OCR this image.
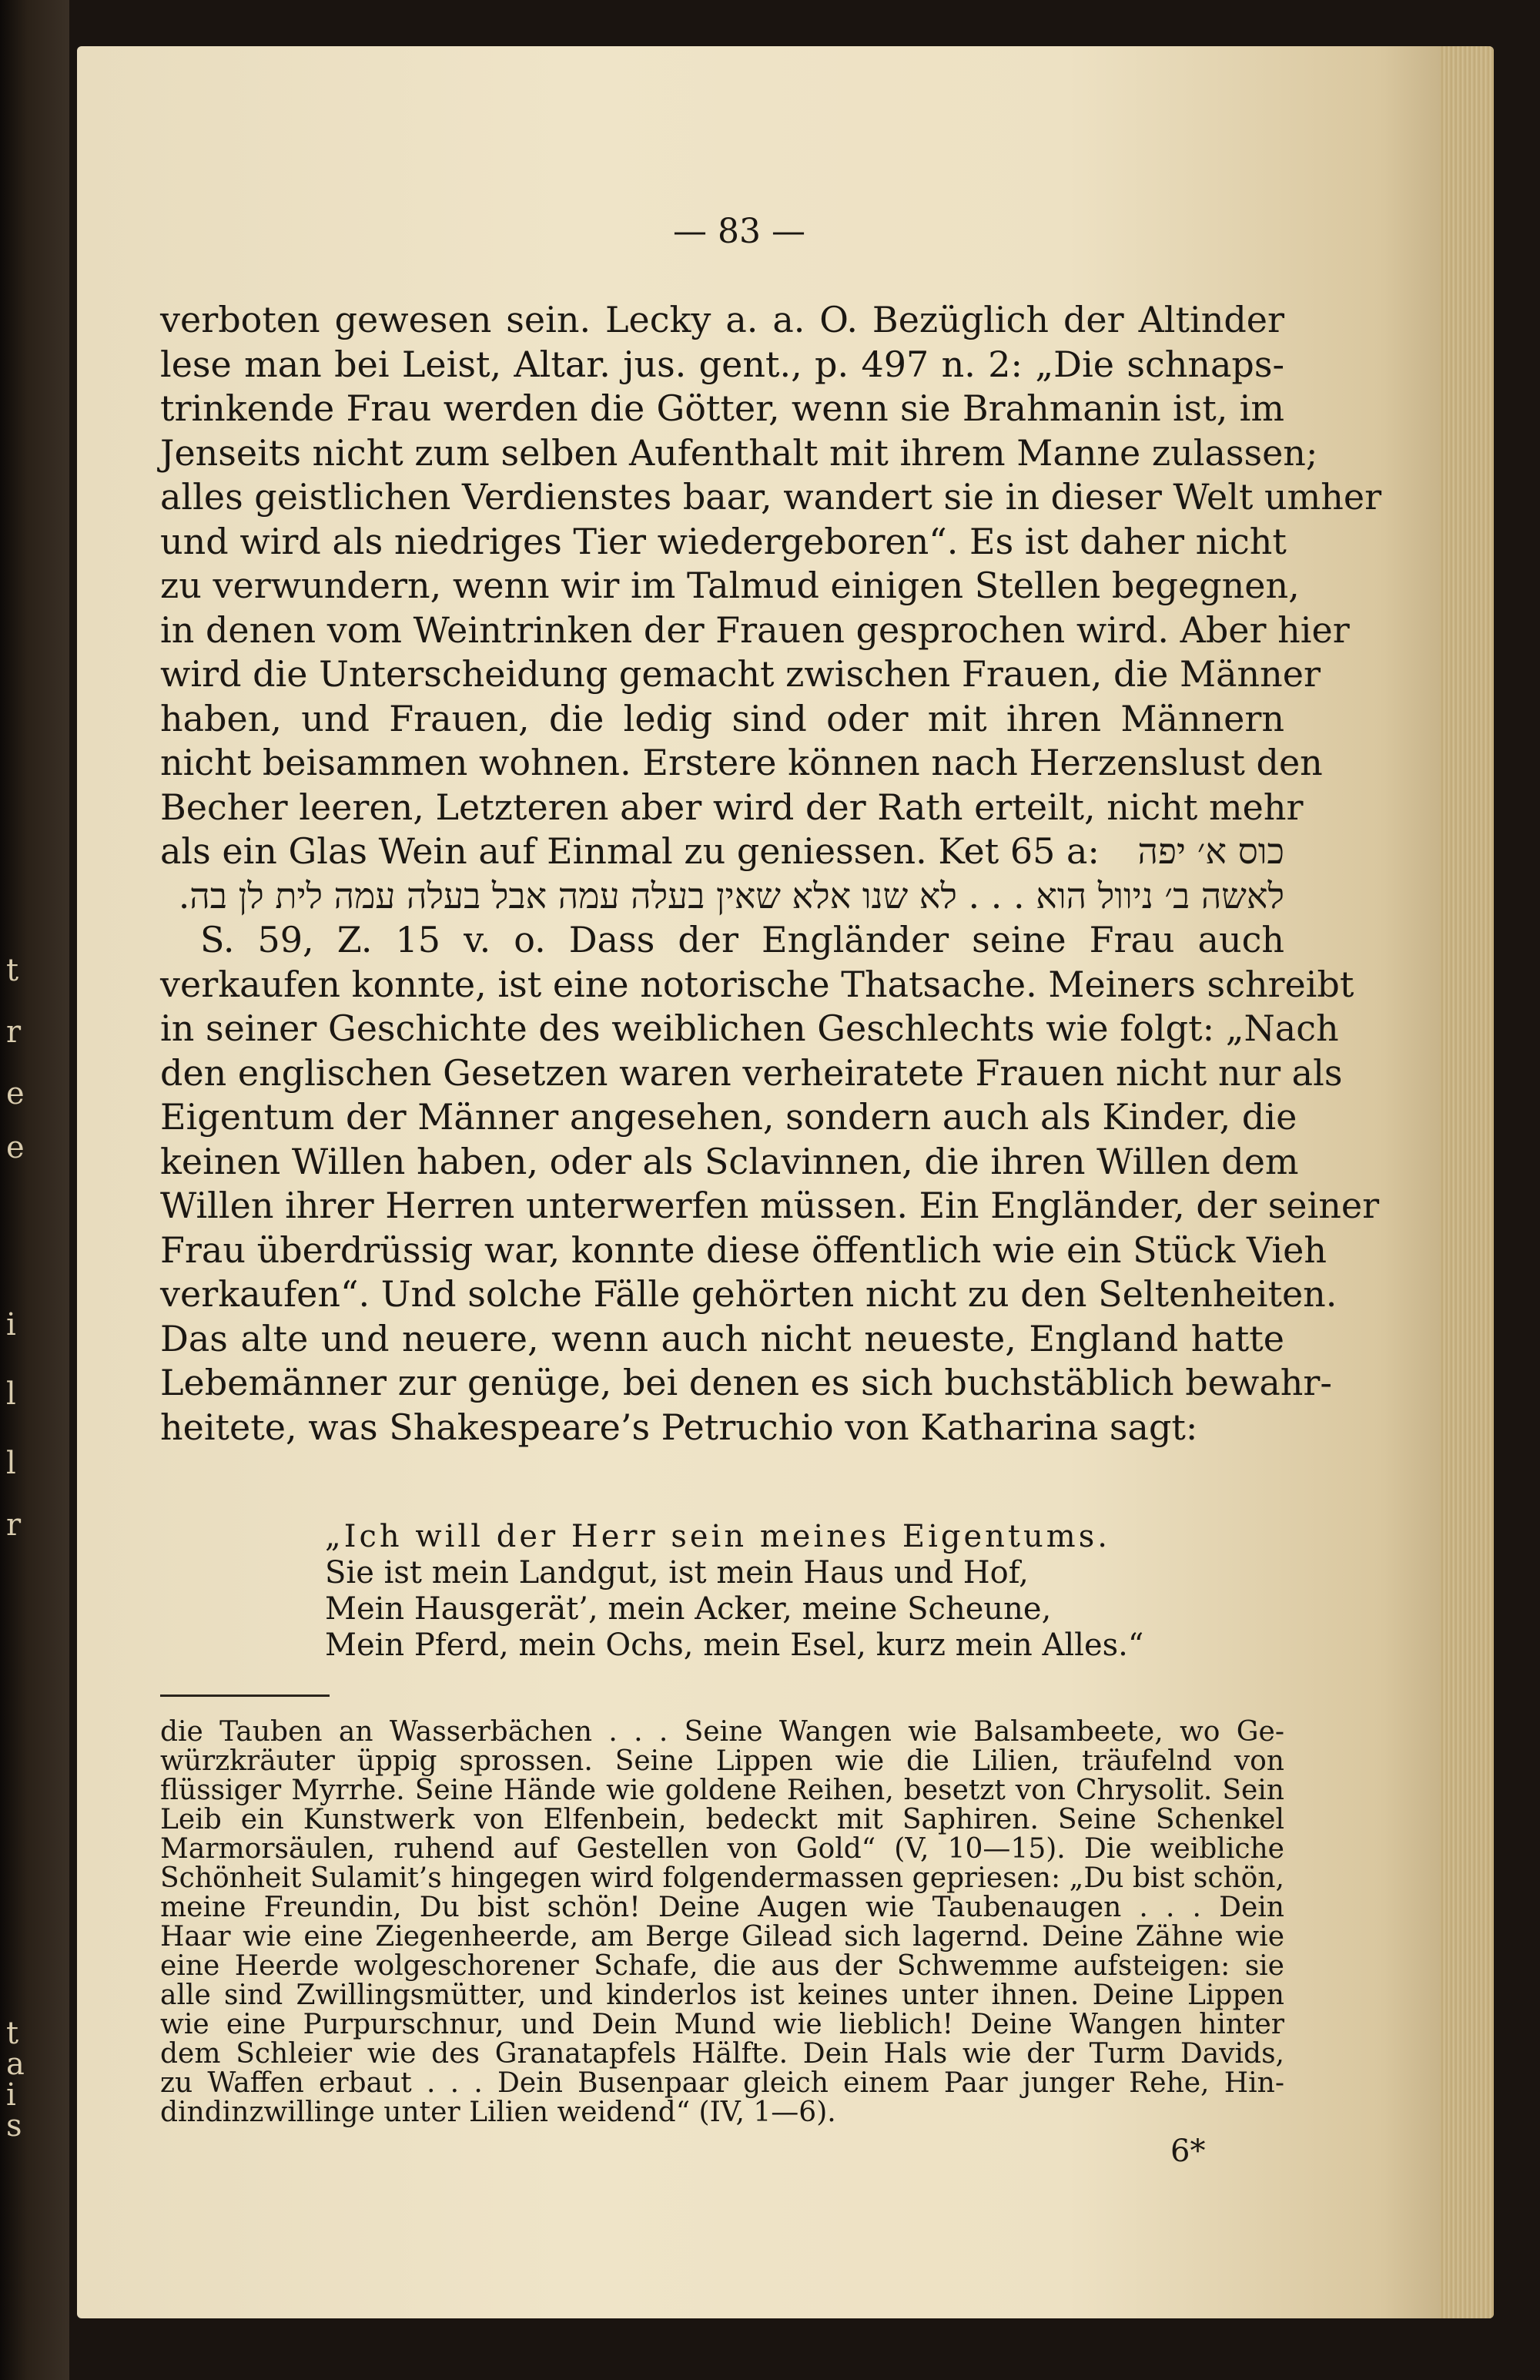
t
r
e
e
i
l
l
r
t
a
i
s
— 83 —
verboten gewesen sein. Lecky a. a. O. Bezüglich der Altinder
lese man bei Leist, Altar. jus. gent., p. 497 n. 2: „Die schnaps-
trinkende Frau werden die Götter, wenn sie Brahmanin ist, im
Jenseits nicht zum selben Aufenthalt mit ihrem Manne zulassen;
alles geistlichen Verdienstes baar, wandert sie in dieser Welt umher
und wird als niedriges Tier wiedergeboren“. Es ist daher nicht
zu verwundern, wenn wir im Talmud einigen Stellen begegnen,
in denen vom Weintrinken der Frauen gesprochen wird. Aber hier
wird die Unterscheidung gemacht zwischen Frauen, die Männer
haben, und Frauen, die ledig sind oder mit ihren Männern
nicht beisammen wohnen. Erstere können nach Herzenslust den
Becher leeren, Letzteren aber wird der Rath erteilt, nicht mehr
als ein Glas Wein auf Einmal zu geniessen. Ket 65 a: כוס א׳ יפה
לאשה ב׳ ניוול הוא . . . לא שנו אלא שאין בעלה עמה אבל בעלה עמה לית לן בה.
S. 59, Z. 15 v. o. Dass der Engländer seine Frau auch
verkaufen konnte, ist eine notorische Thatsache. Meiners schreibt
in seiner Geschichte des weiblichen Geschlechts wie folgt: „Nach
den englischen Gesetzen waren verheiratete Frauen nicht nur als
Eigentum der Männer angesehen, sondern auch als Kinder, die
keinen Willen haben, oder als Sclavinnen, die ihren Willen dem
Willen ihrer Herren unterwerfen müssen. Ein Engländer, der seiner
Frau überdrüssig war, konnte diese öffentlich wie ein Stück Vieh
verkaufen“. Und solche Fälle gehörten nicht zu den Seltenheiten.
Das alte und neuere, wenn auch nicht neueste, England hatte
Lebemänner zur genüge, bei denen es sich buchstäblich bewahr-
heitete, was Shakespeare’s Petruchio von Katharina sagt:
„Ich will der Herr sein meines Eigentums.
Sie ist mein Landgut, ist mein Haus und Hof,
Mein Hausgerät’, mein Acker, meine Scheune,
Mein Pferd, mein Ochs, mein Esel, kurz mein Alles.“
die Tauben an Wasserbächen . . . Seine Wangen wie Balsambeete, wo Ge-
würzkräuter üppig sprossen. Seine Lippen wie die Lilien, träufelnd von
flüssiger Myrrhe. Seine Hände wie goldene Reihen, besetzt von Chrysolit. Sein
Leib ein Kunstwerk von Elfenbein, bedeckt mit Saphiren. Seine Schenkel
Marmorsäulen, ruhend auf Gestellen von Gold“ (V, 10—15). Die weibliche
Schönheit Sulamit’s hingegen wird folgendermassen gepriesen: „Du bist schön,
meine Freundin, Du bist schön! Deine Augen wie Taubenaugen . . . Dein
Haar wie eine Ziegenheerde, am Berge Gilead sich lagernd. Deine Zähne wie
eine Heerde wolgeschorener Schafe, die aus der Schwemme aufsteigen: sie
alle sind Zwillingsmütter, und kinderlos ist keines unter ihnen. Deine Lippen
wie eine Purpurschnur, und Dein Mund wie lieblich! Deine Wangen hinter
dem Schleier wie des Granatapfels Hälfte. Dein Hals wie der Turm Davids,
zu Waffen erbaut . . . Dein Busenpaar gleich einem Paar junger Rehe, Hin-
dindinzwillinge unter Lilien weidend“ (IV, 1—6).
6*
